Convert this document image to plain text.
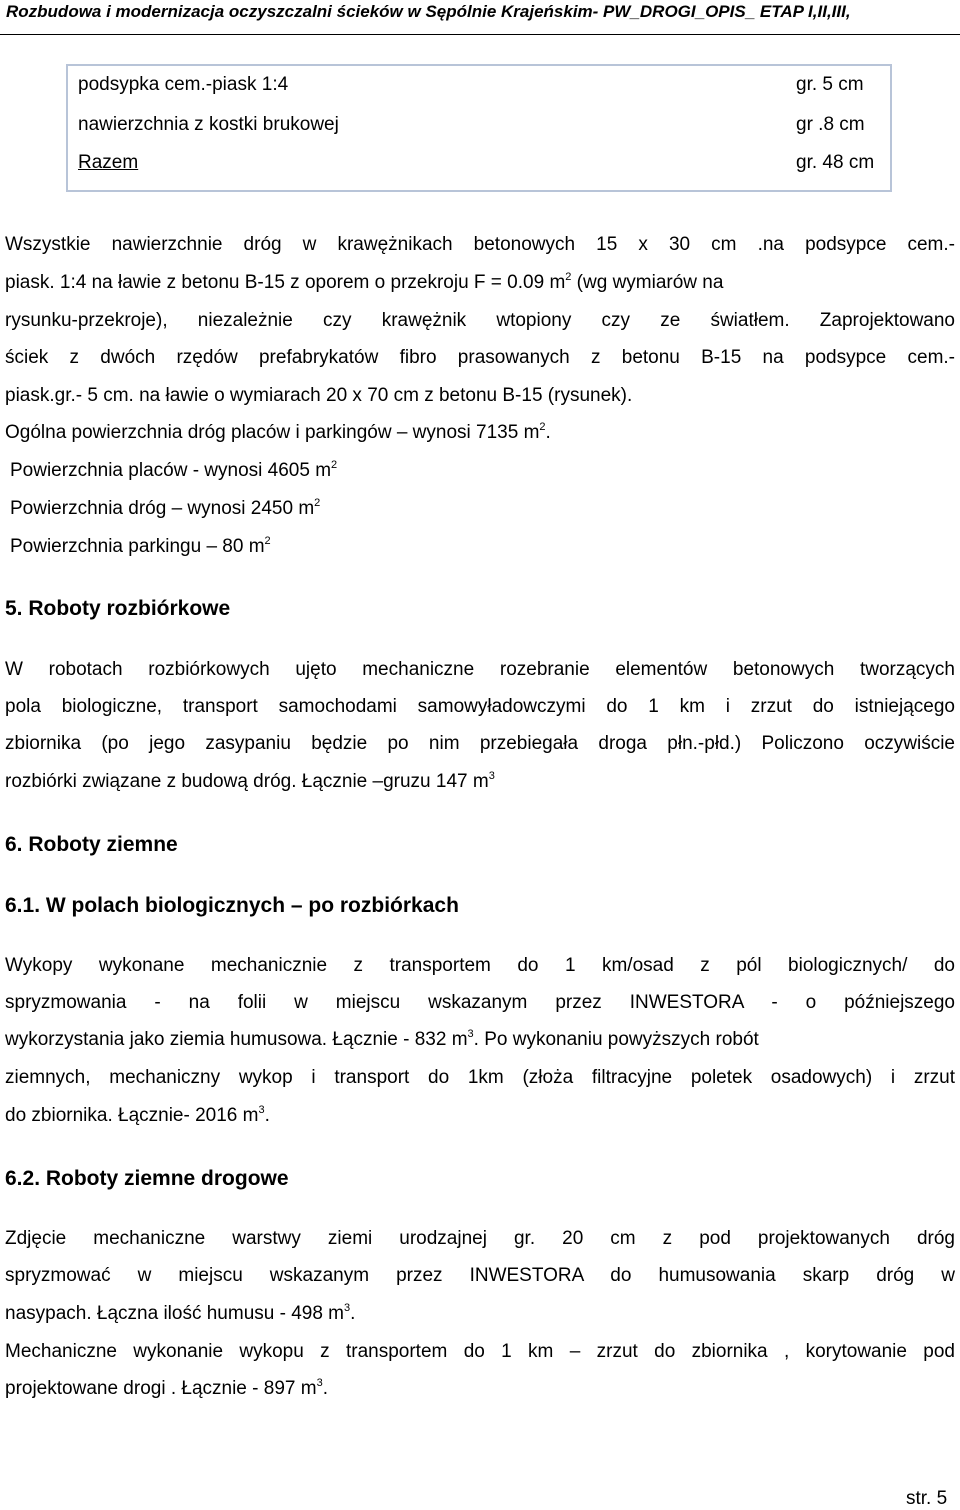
Rozbudowa i modernizacja oczyszczalni ścieków w Sępólnie Krajeńskim- PW_DROGI_OPIS_ ETAP I,II,III,
podsypka cem.-piask 1:4	gr. 5 cm
nawierzchnia z kostki brukowej	gr .8 cm
Razem	gr. 48 cm
Wszystkie nawierzchnie dróg w krawężnikach betonowych 15 x 30 cm .na podsypce cem.-
piask. 1:4 na ławie z betonu B-15 z oporem o przekroju F = 0.09 $m^2$ (wg wymiarów na
rysunku-przekroje), niezależnie czy krawężnik wtopiony czy ze światłem. Zaprojektowano
ściek z dwóch rzędów prefabrykatów fibro prasowanych z betonu B-15 na podsypce cem.-
piask.gr.- 5 cm. na ławie o wymiarach 20 x 70 cm z betonu B-15 (rysunek).
Ogólna powierzchnia dróg placów i parkingów – wynosi 7135 $m^2$.
Powierzchnia placów - wynosi 4605 $m^2$
Powierzchnia dróg – wynosi 2450 $m^2$
Powierzchnia parkingu – 80 $m^2$
5. Roboty rozbiórkowe
W robotach rozbiórkowych ujęto mechaniczne rozebranie elementów betonowych tworzących
pola biologiczne, transport samochodami samowyładowczymi do 1 km i zrzut do istniejącego
zbiornika (po jego zasypaniu będzie po nim przebiegała droga płn.-płd.) Policzono oczywiście
rozbiórki związane z budową dróg. Łącznie –gruzu 147 $m^3$
6. Roboty ziemne
6.1. W polach biologicznych – po rozbiórkach
Wykopy wykonane mechanicznie z transportem do 1 km/osad z pól biologicznych/ do
spryzmowania - na folii w miejscu wskazanym przez INWESTORA - o późniejszego
wykorzystania jako ziemia humusowa. Łącznie - 832 $m^3$. Po wykonaniu powyższych robót
ziemnych, mechaniczny wykop i transport do 1km (złoża filtracyjne poletek osadowych) i zrzut
do zbiornika. Łącznie- 2016 $m^3$.
6.2. Roboty ziemne drogowe
Zdjęcie mechaniczne warstwy ziemi urodzajnej gr. 20 cm z pod projektowanych dróg
spryzmować w miejscu wskazanym przez INWESTORA do humusowania skarp dróg w
nasypach. Łączna ilość humusu - 498 $m^3$.
Mechaniczne wykonanie wykopu z transportem do 1 km – zrzut do zbiornika , korytowanie pod
projektowane drogi . Łącznie - 897 $m^3$.
str. 5
